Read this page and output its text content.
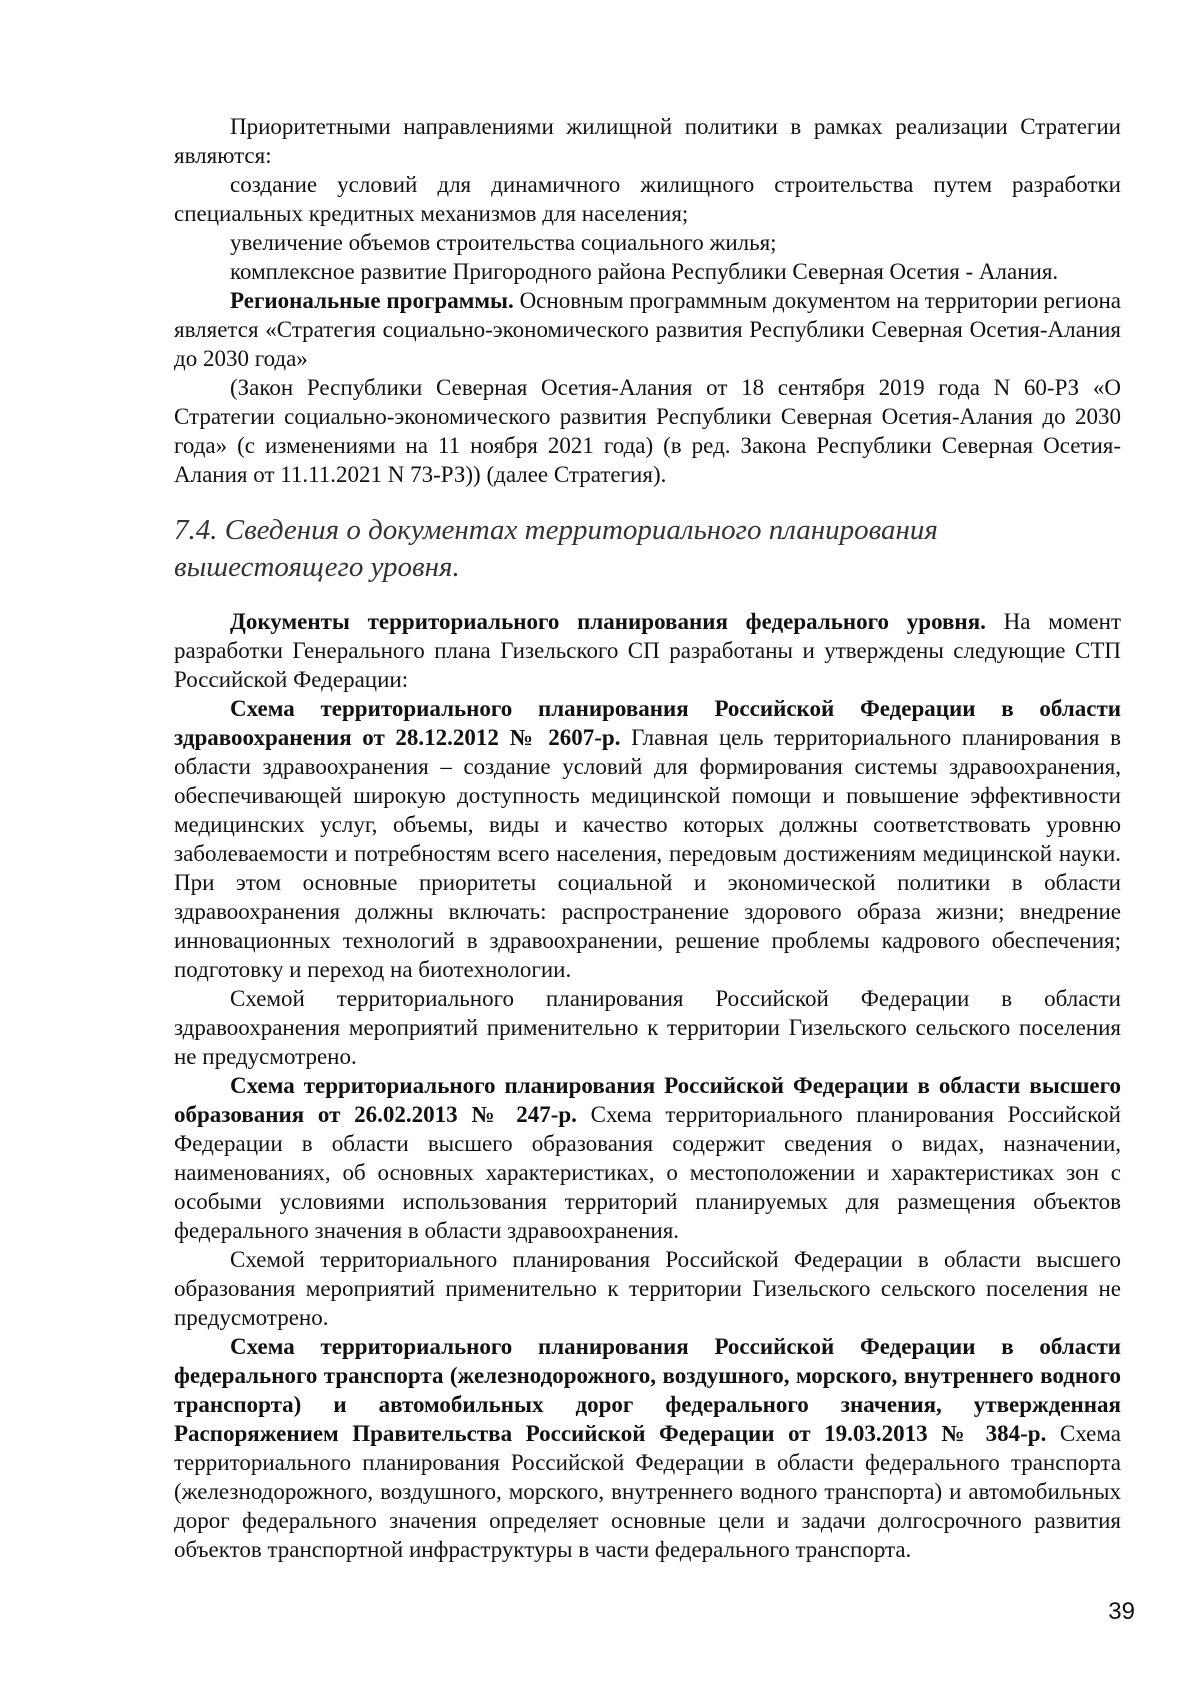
Приоритетными направлениями жилищной политики в рамках реализации Стратегии являются:

создание условий для динамичного жилищного строительства путем разработки специальных кредитных механизмов для населения;

увеличение объемов строительства социального жилья;

комплексное развитие Пригородного района Республики Северная Осетия - Алания.

Региональные программы. Основным программным документом на территории региона является «Стратегия социально-экономического развития Республики Северная Осетия-Алания до 2030 года»

(Закон Республики Северная Осетия-Алания от 18 сентября 2019 года N 60-РЗ «О Стратегии социально-экономического развития Республики Северная Осетия-Алания до 2030 года» (с изменениями на 11 ноября 2021 года) (в ред. Закона Республики Северная Осетия-Алания от 11.11.2021 N 73-РЗ)) (далее Стратегия).

7.4. Сведения о документах территориального планирования вышестоящего уровня.

Документы территориального планирования федерального уровня. На момент разработки Генерального плана Гизельского СП разработаны и утверждены следующие СТП Российской Федерации:

Схема территориального планирования Российской Федерации в области здравоохранения от 28.12.2012 № 2607-р. Главная цель территориального планирования в области здравоохранения – создание условий для формирования системы здравоохранения, обеспечивающей широкую доступность медицинской помощи и повышение эффективности медицинских услуг, объемы, виды и качество которых должны соответствовать уровню заболеваемости и потребностям всего населения, передовым достижениям медицинской науки. При этом основные приоритеты социальной и экономической политики в области здравоохранения должны включать: распространение здорового образа жизни; внедрение инновационных технологий в здравоохранении, решение проблемы кадрового обеспечения; подготовку и переход на биотехнологии.

Схемой территориального планирования Российской Федерации в области здравоохранения мероприятий применительно к территории Гизельского сельского поселения не предусмотрено.

Схема территориального планирования Российской Федерации в области высшего образования от 26.02.2013 № 247-р. Схема территориального планирования Российской Федерации в области высшего образования содержит сведения о видах, назначении, наименованиях, об основных характеристиках, о местоположении и характеристиках зон с особыми условиями использования территорий планируемых для размещения объектов федерального значения в области здравоохранения.

Схемой территориального планирования Российской Федерации в области высшего образования мероприятий применительно к территории Гизельского сельского поселения не предусмотрено.

Схема территориального планирования Российской Федерации в области федерального транспорта (железнодорожного, воздушного, морского, внутреннего водного транспорта) и автомобильных дорог федерального значения, утвержденная Распоряжением Правительства Российской Федерации от 19.03.2013 № 384-р. Схема территориального планирования Российской Федерации в области федерального транспорта (железнодорожного, воздушного, морского, внутреннего водного транспорта) и автомобильных дорог федерального значения определяет основные цели и задачи долгосрочного развития объектов транспортной инфраструктуры в части федерального транспорта.

39
